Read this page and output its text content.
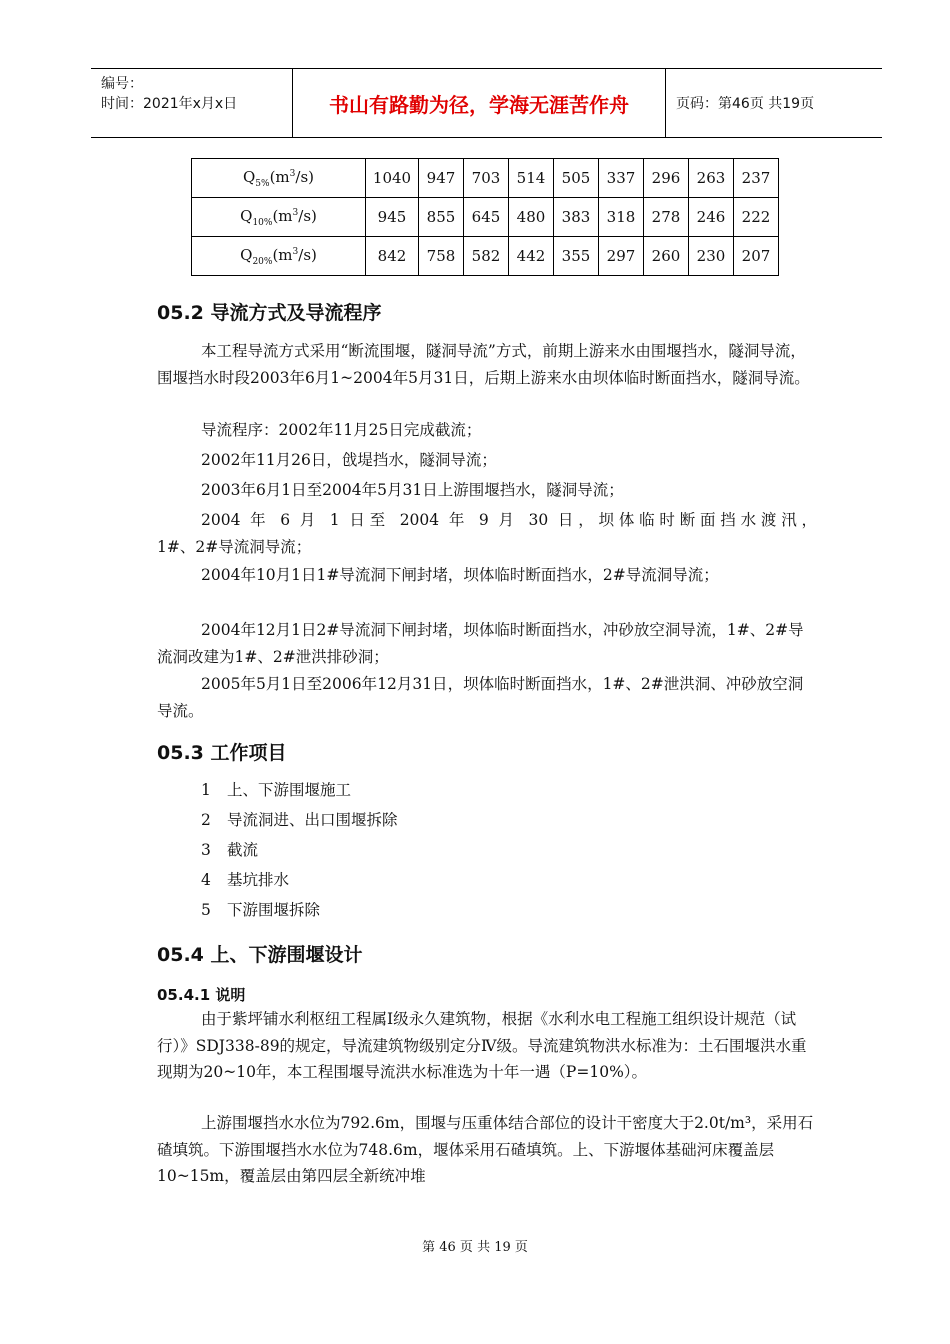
编号：
时间：2021年x月x日	书山有路勤为径，学海无涯苦作舟	页码：第46页 共19页
$Q_{5\%}(m^3/s)$	1040	947	703	514	505	337	296	263	237
$Q_{10\%}(m^3/s)$	945	855	645	480	383	318	278	246	222
$Q_{20\%}(m^3/s)$	842	758	582	442	355	297	260	230	207
05.2 导流方式及导流程序
本工程导流方式采用“断流围堰，隧洞导流”方式，前期上游来水由围堰挡水，隧洞导流，围堰挡水时段2003年6月1~2004年5月31日，后期上游来水由坝体临时断面挡水，隧洞导流。
导流程序：2002年11月25日完成截流；
2002年11月26日，戗堤挡水，隧洞导流；
2003年6月1日至2004年5月31日上游围堰挡水，隧洞导流；
2004 年 6 月 1 日至 2004 年 9 月 30 日，坝体临时断面挡水渡汛，
1#、2#导流洞导流；
2004年10月1日1#导流洞下闸封堵，坝体临时断面挡水，2#导流洞导流；
2004年12月1日2#导流洞下闸封堵，坝体临时断面挡水，冲砂放空洞导流，1#、2#导流洞改建为1#、2#泄洪排砂洞；
2005年5月1日至2006年12月31日，坝体临时断面挡水，1#、2#泄洪洞、冲砂放空洞导流。
05.3 工作项目
1 上、下游围堰施工
2 导流洞进、出口围堰拆除
3 截流
4 基坑排水
5 下游围堰拆除
05.4 上、下游围堰设计
05.4.1 说明
由于紫坪铺水利枢纽工程属Ⅰ级永久建筑物，根据《水利水电工程施工组织设计规范（试行）》SDJ338-89的规定，导流建筑物级别定分Ⅳ级。导流建筑物洪水标准为：土石围堰洪水重现期为20~10年，本工程围堰导流洪水标准选为十年一遇（P=10%）。
上游围堰挡水水位为792.6m，围堰与压重体结合部位的设计干密度大于2.0t/m³，采用石碴填筑。下游围堰挡水水位为748.6m，堰体采用石碴填筑。上、下游堰体基础河床覆盖层10~15m，覆盖层由第四层全新统冲堆
第 46 页 共 19 页
